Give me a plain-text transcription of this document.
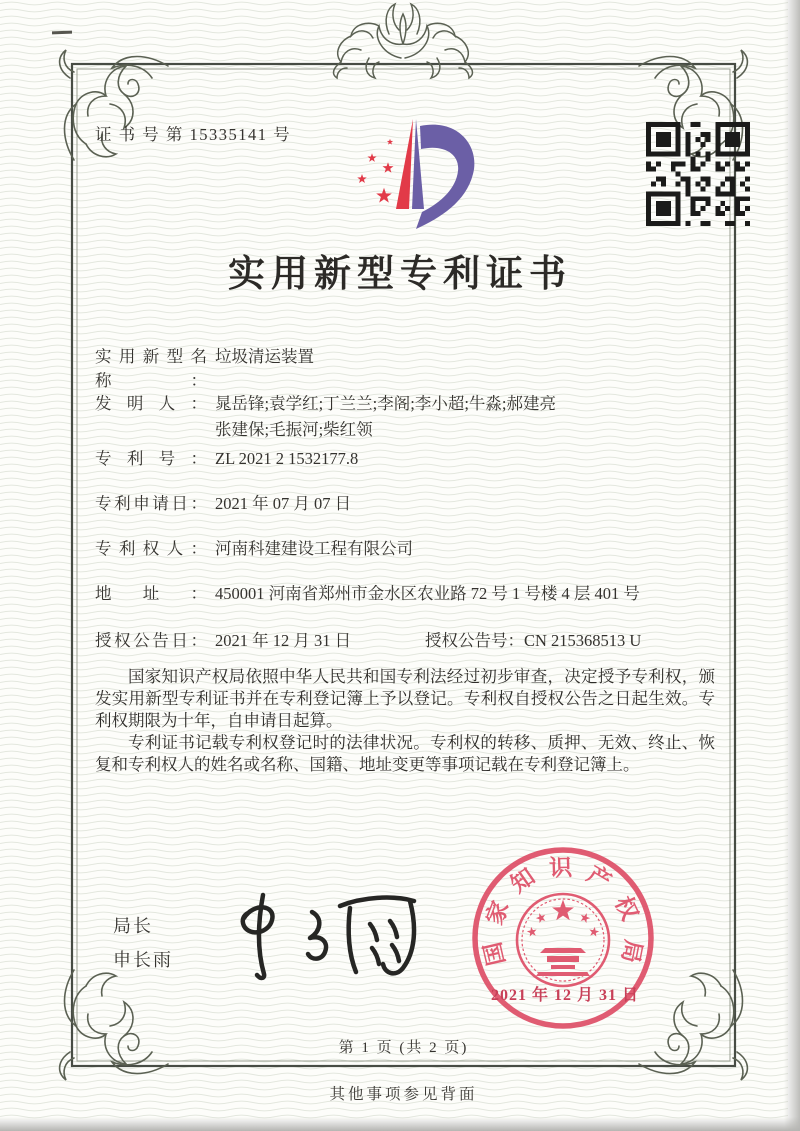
证 书 号 第 15335141 号
实用新型专利证书
实用新型名称：
垃圾清运装置
发明人： 晁岳锋;袁学红;丁兰兰;李阁;李小超;牛淼;郝建亮
张建保;毛振河;柴红领
专利号： ZL 2021 2 1532177.8
专利申请日： 2021 年 07 月 07 日
专利权人： 河南科建建设工程有限公司
地址： 450001 河南省郑州市金水区农业路 72 号 1 号楼 4 层 401 号
授权公告日： 2021 年 12 月 31 日	授权公告号：CN 215368513 U

国家知识产权局依照中华人民共和国专利法经过初步审查，决定授予专利权，颁发实用新型专利证书并在专利登记簿上予以登记。专利权自授权公告之日起生效。专利权期限为十年，自申请日起算。

专利证书记载专利权登记时的法律状况。专利权的转移、质押、无效、终止、恢复和专利权人的姓名或名称、国籍、地址变更等事项记载在专利登记簿上。

局长
申长雨	国
家
知 识 产
权
局
2021 年 12 月 31 日
第 1 页 (共 2 页)
其他事项参见背面
